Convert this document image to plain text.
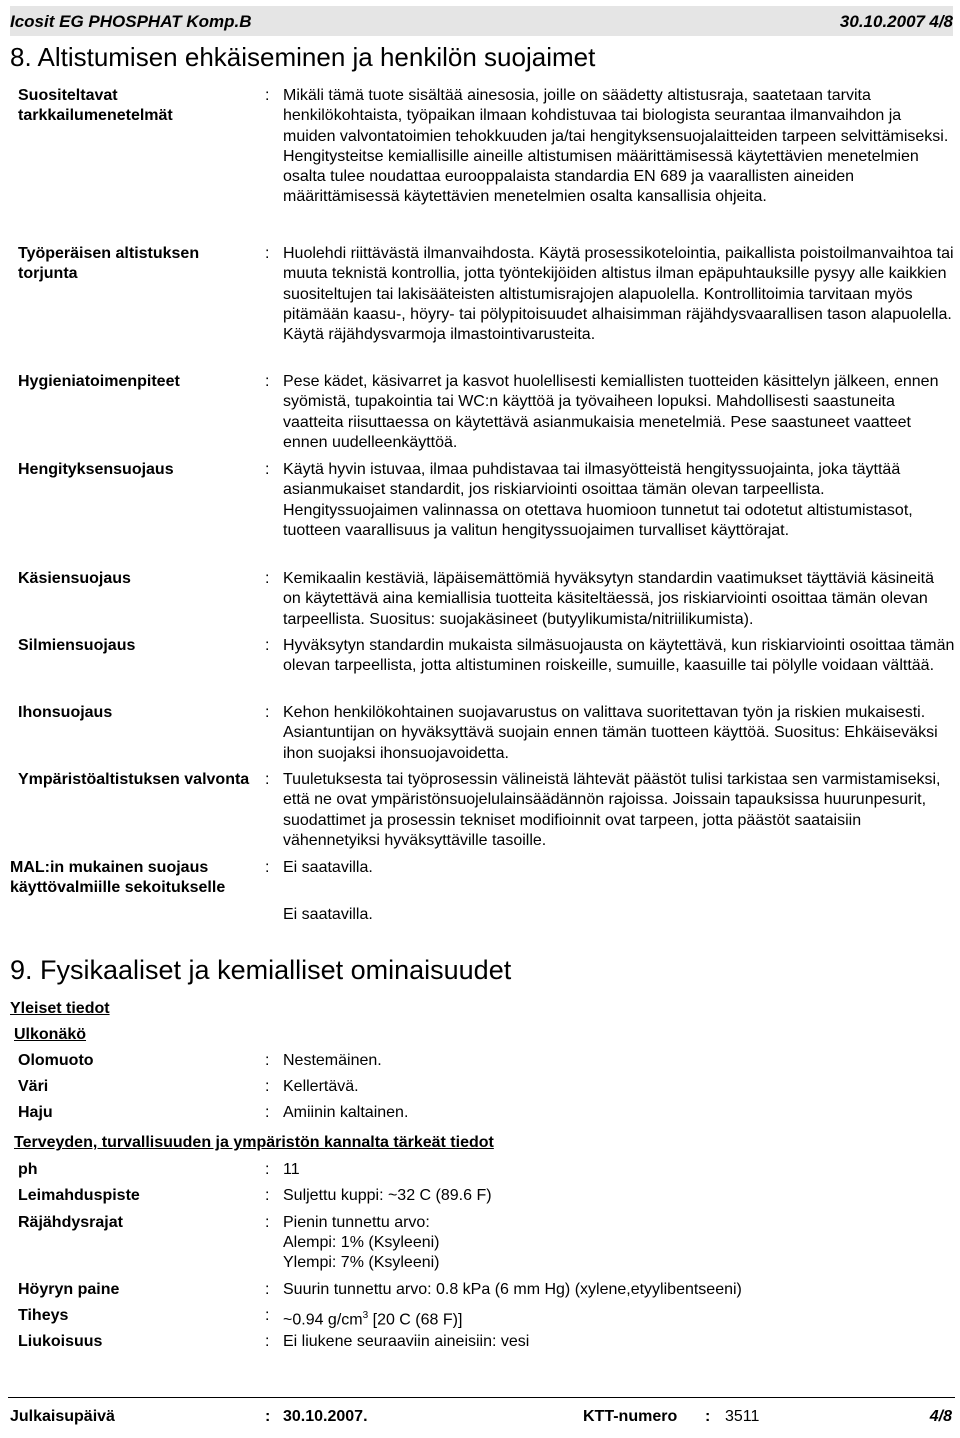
Icosit EG PHOSPHAT Komp.B	30.10.2007 4/8
8. Altistumisen ehkäiseminen ja henkilön suojaimet
Suositeltavat tarkkailumenetelmät
: Mikäli tämä tuote sisältää ainesosia, joille on säädetty altistusraja, saatetaan tarvita henkilökohtaista, työpaikan ilmaan kohdistuvaa tai biologista seurantaa ilmanvaihdon ja muiden valvontatoimien tehokkuuden ja/tai hengityksensuojalaitteiden tarpeen selvittämiseksi. Hengitysteitse kemiallisille aineille altistumisen määrittämisessä käytettävien menetelmien osalta tulee noudattaa eurooppalaista standardia EN 689 ja vaarallisten aineiden määrittämisessä käytettävien menetelmien osalta kansallisia ohjeita.
Työperäisen altistuksen torjunta
: Huolehdi riittävästä ilmanvaihdosta. Käytä prosessikotelointia, paikallista poistoilmanvaihtoa tai muuta teknistä kontrollia, jotta työntekijöiden altistus ilman epäpuhtauksille pysyy alle kaikkien suositeltujen tai lakisääteisten altistumisrajojen alapuolella. Kontrollitoimia tarvitaan myös pitämään kaasu-, höyry- tai pölypitoisuudet alhaisimman räjähdysvaarallisen tason alapuolella. Käytä räjähdysvarmoja ilmastointivarusteita.
Hygieniatoimenpiteet	: Pese kädet, käsivarret ja kasvot huolellisesti kemiallisten tuotteiden käsittelyn jälkeen, ennen syömistä, tupakointia tai WC:n käyttöä ja työvaiheen lopuksi. Mahdollisesti saastuneita vaatteita riisuttaessa on käytettävä asianmukaisia menetelmiä. Pese saastuneet vaatteet ennen uudelleenkäyttöä.
Hengityksensuojaus	: Käytä hyvin istuvaa, ilmaa puhdistavaa tai ilmasyötteistä hengityssuojainta, joka täyttää asianmukaiset standardit, jos riskiarviointi osoittaa tämän olevan tarpeellista. Hengityssuojaimen valinnassa on otettava huomioon tunnetut tai odotetut altistumistasot, tuotteen vaarallisuus ja valitun hengityssuojaimen turvalliset käyttörajat.
Käsiensuojaus	: Kemikaalin kestäviä, läpäisemättömiä hyväksytyn standardin vaatimukset täyttäviä käsineitä on käytettävä aina kemiallisia tuotteita käsiteltäessä, jos riskiarviointi osoittaa tämän olevan tarpeellista. Suositus: suojakäsineet (butyylikumista/nitriilikumista).
Silmiensuojaus	: Hyväksytyn standardin mukaista silmäsuojausta on käytettävä, kun riskiarviointi osoittaa tämän olevan tarpeellista, jotta altistuminen roiskeille, sumuille, kaasuille tai pölylle voidaan välttää.
Ihonsuojaus	: Kehon henkilökohtainen suojavarustus on valittava suoritettavan työn ja riskien mukaisesti. Asiantuntijan on hyväksyttävä suojain ennen tämän tuotteen käyttöä. Suositus: Ehkäiseväksi ihon suojaksi ihonsuojavoidetta.
Ympäristöaltistuksen valvonta : Tuuletuksesta tai työprosessin välineistä lähtevät päästöt tulisi tarkistaa sen varmistamiseksi, että ne ovat ympäristönsuojelulainsäädännön rajoissa. Joissain tapauksissa huurunpesurit, suodattimet ja prosessin tekniset modifioinnit ovat tarpeen, jotta päästöt saataisiin vähennetyiksi hyväksyttäville tasoille.
MAL:in mukainen suojaus käyttövalmiille sekoitukselle
: Ei saatavilla.
Ei saatavilla.
9. Fysikaaliset ja kemialliset ominaisuudet
Yleiset tiedot
Ulkonäkö
Olomuoto	: Nestemäinen.
Väri	: Kellertävä.
Haju	: Amiinin kaltainen.
Terveyden, turvallisuuden ja ympäristön kannalta tärkeät tiedot
ph	: 11
Leimahduspiste	: Suljettu kuppi: ~32 C (89.6 F)
Räjähdysrajat	: Pienin tunnettu arvo:
Alempi: 1% (Ksyleeni)
Ylempi: 7% (Ksyleeni)
Höyryn paine	: Suurin tunnettu arvo: 0.8 kPa (6 mm Hg) (xylene,etyylibentseeni)
Tiheys	: ~0.94 $g/cm^3$ [20 C (68 F)]
Liukoisuus	: Ei liukene seuraaviin aineisiin: vesi
Julkaisupäivä	: 30.10.2007.	KTT-numero : 3511	4/8
